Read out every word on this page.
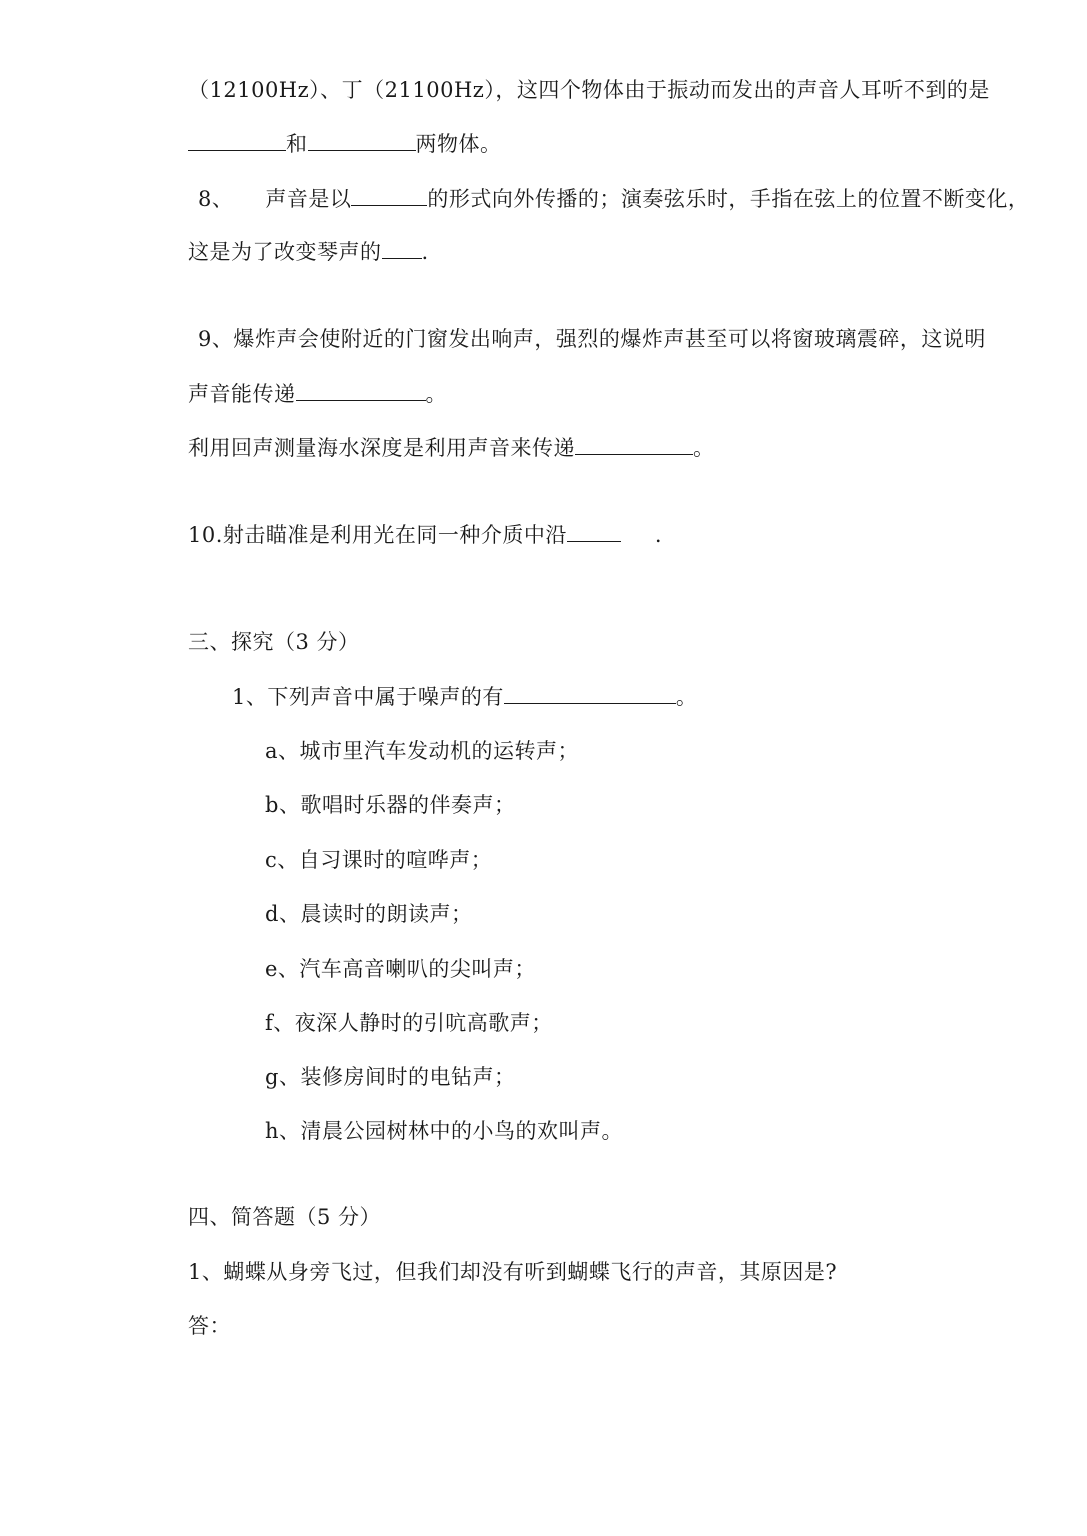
（12100Hz）、丁（21100Hz），这四个物体由于振动而发出的声音人耳听不到的是
和	两物体。
8、 声音是以	的形式向外传播的；演奏弦乐时，手指在弦上的位置不断变化，
这是为了改变琴声的 .
9、爆炸声会使附近的门窗发出响声，强烈的爆炸声甚至可以将窗玻璃震碎，这说明
声音能传递	。
利用回声测量海水深度是利用声音来传递	。
10.射击瞄准是利用光在同一种介质中沿	.
三、探究（3 分）
1、下列声音中属于噪声的有	。
a、城市里汽车发动机的运转声；
b、歌唱时乐器的伴奏声；
c、自习课时的喧哗声；
d、晨读时的朗读声；
e、汽车高音喇叭的尖叫声；
f、夜深人静时的引吭高歌声；
g、装修房间时的电钻声；
h、清晨公园树林中的小鸟的欢叫声。
四、简答题（5 分）
1、蝴蝶从身旁飞过，但我们却没有听到蝴蝶飞行的声音，其原因是?
答：
